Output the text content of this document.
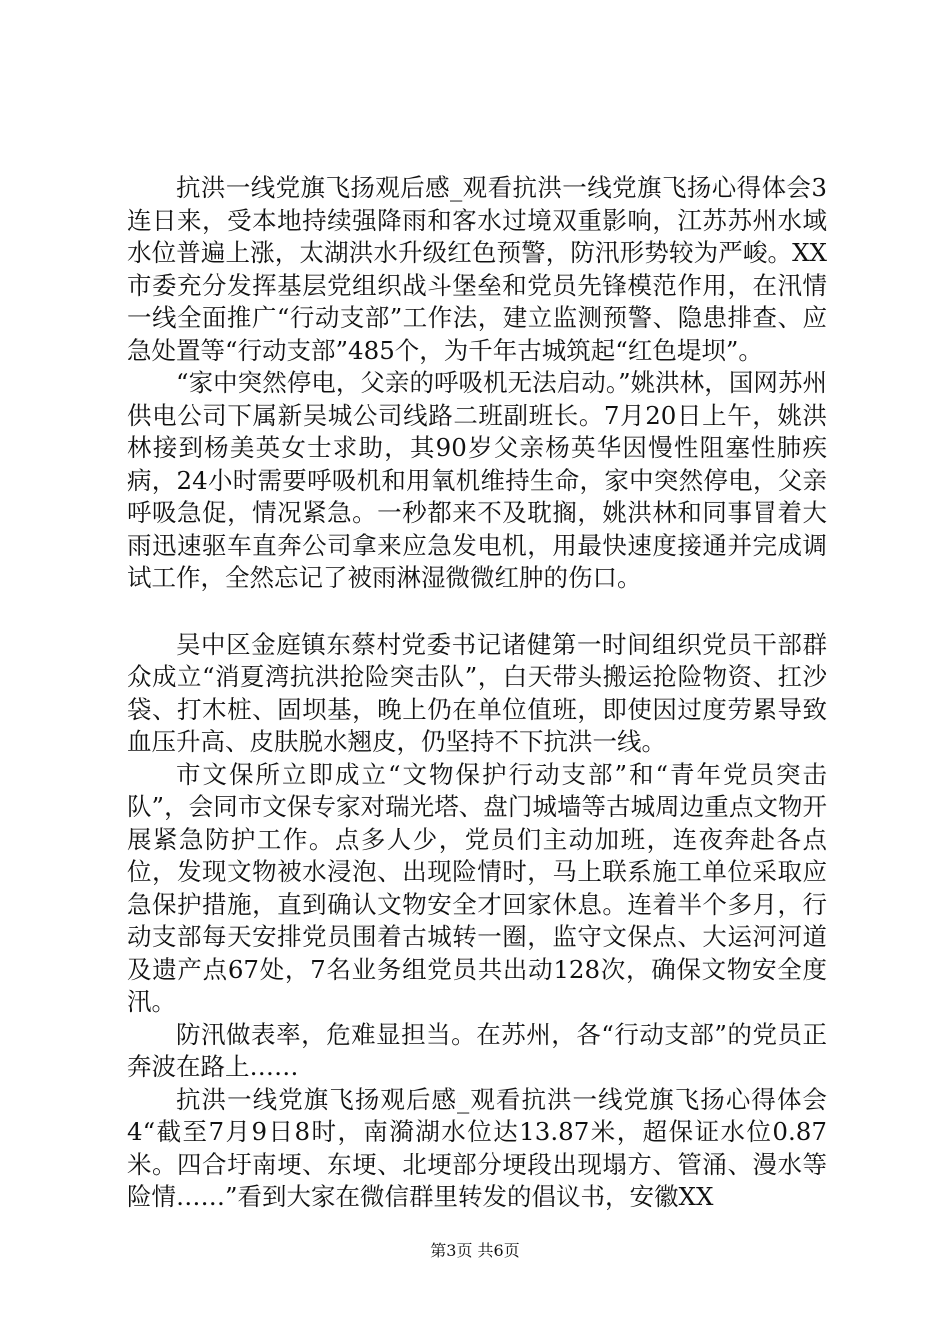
抗洪一线党旗飞扬观后感_观看抗洪一线党旗飞扬心得体会3连日来，受本地持续强降雨和客水过境双重影响，江苏苏州水域水位普遍上涨，太湖洪水升级红色预警，防汛形势较为严峻。XX市委充分发挥基层党组织战斗堡垒和党员先锋模范作用，在汛情一线全面推广“行动支部”工作法，建立监测预警、隐患排查、应急处置等“行动支部”485个，为千年古城筑起“红色堤坝”。

“家中突然停电，父亲的呼吸机无法启动。”姚洪林，国网苏州供电公司下属新吴城公司线路二班副班长。7月20日上午，姚洪林接到杨美英女士求助，其90岁父亲杨英华因慢性阻塞性肺疾病，24小时需要呼吸机和用氧机维持生命，家中突然停电，父亲呼吸急促，情况紧急。一秒都来不及耽搁，姚洪林和同事冒着大雨迅速驱车直奔公司拿来应急发电机，用最快速度接通并完成调试工作，全然忘记了被雨淋湿微微红肿的伤口。

吴中区金庭镇东蔡村党委书记诸健第一时间组织党员干部群众成立“消夏湾抗洪抢险突击队”，白天带头搬运抢险物资、扛沙袋、打木桩、固坝基，晚上仍在单位值班，即使因过度劳累导致血压升高、皮肤脱水翘皮，仍坚持不下抗洪一线。

市文保所立即成立“文物保护行动支部”和“青年党员突击队”，会同市文保专家对瑞光塔、盘门城墙等古城周边重点文物开展紧急防护工作。点多人少，党员们主动加班，连夜奔赴各点位，发现文物被水浸泡、出现险情时，马上联系施工单位采取应急保护措施，直到确认文物安全才回家休息。连着半个多月，行动支部每天安排党员围着古城转一圈，监守文保点、大运河河道及遗产点67处，7名业务组党员共出动128次，确保文物安全度汛。

防汛做表率，危难显担当。在苏州，各“行动支部”的党员正奔波在路上……

抗洪一线党旗飞扬观后感_观看抗洪一线党旗飞扬心得体会4“截至7月9日8时，南漪湖水位达13.87米，超保证水位0.87米。四合圩南埂、东埂、北埂部分埂段出现塌方、管涌、漫水等险情……”看到大家在微信群里转发的倡议书，安徽XX

第3页 共6页
